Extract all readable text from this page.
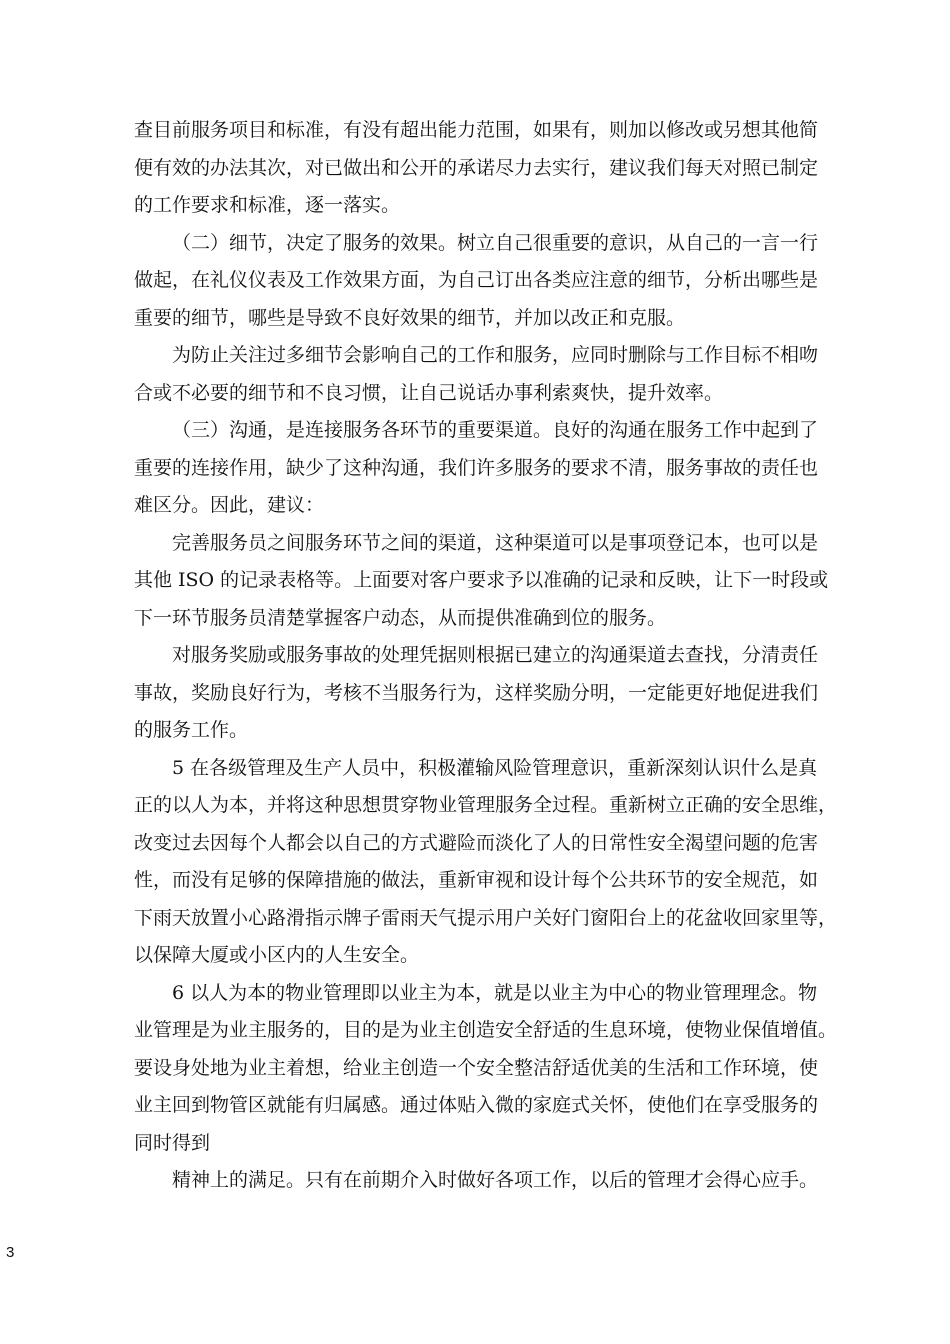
查目前服务项目和标准，有没有超出能力范围，如果有，则加以修改或另想其他简
便有效的办法其次，对已做出和公开的承诺尽力去实行，建议我们每天对照已制定
的工作要求和标准，逐一落实。
（二）细节，决定了服务的效果。树立自己很重要的意识，从自己的一言一行
做起，在礼仪仪表及工作效果方面，为自己订出各类应注意的细节，分析出哪些是
重要的细节，哪些是导致不良好效果的细节，并加以改正和克服。
为防止关注过多细节会影响自己的工作和服务，应同时删除与工作目标不相吻
合或不必要的细节和不良习惯，让自己说话办事利索爽快，提升效率。
（三）沟通，是连接服务各环节的重要渠道。良好的沟通在服务工作中起到了
重要的连接作用，缺少了这种沟通，我们许多服务的要求不清，服务事故的责任也
难区分。因此，建议：
完善服务员之间服务环节之间的渠道，这种渠道可以是事项登记本，也可以是
其他 ISO 的记录表格等。上面要对客户要求予以准确的记录和反映，让下一时段或
下一环节服务员清楚掌握客户动态，从而提供准确到位的服务。
对服务奖励或服务事故的处理凭据则根据已建立的沟通渠道去查找，分清责任
事故，奖励良好行为，考核不当服务行为，这样奖励分明，一定能更好地促进我们
的服务工作。
5 在各级管理及生产人员中，积极灌输风险管理意识，重新深刻认识什么是真
正的以人为本，并将这种思想贯穿物业管理服务全过程。重新树立正确的安全思维，
改变过去因每个人都会以自己的方式避险而淡化了人的日常性安全渴望问题的危害
性，而没有足够的保障措施的做法，重新审视和设计每个公共环节的安全规范，如
下雨天放置小心路滑指示牌子雷雨天气提示用户关好门窗阳台上的花盆收回家里等，
以保障大厦或小区内的人生安全。
6 以人为本的物业管理即以业主为本，就是以业主为中心的物业管理理念。物
业管理是为业主服务的，目的是为业主创造安全舒适的生息环境，使物业保值增值。
要设身处地为业主着想，给业主创造一个安全整洁舒适优美的生活和工作环境，使
业主回到物管区就能有归属感。通过体贴入微的家庭式关怀，使他们在享受服务的
同时得到
精神上的满足。只有在前期介入时做好各项工作，以后的管理才会得心应手。
3
